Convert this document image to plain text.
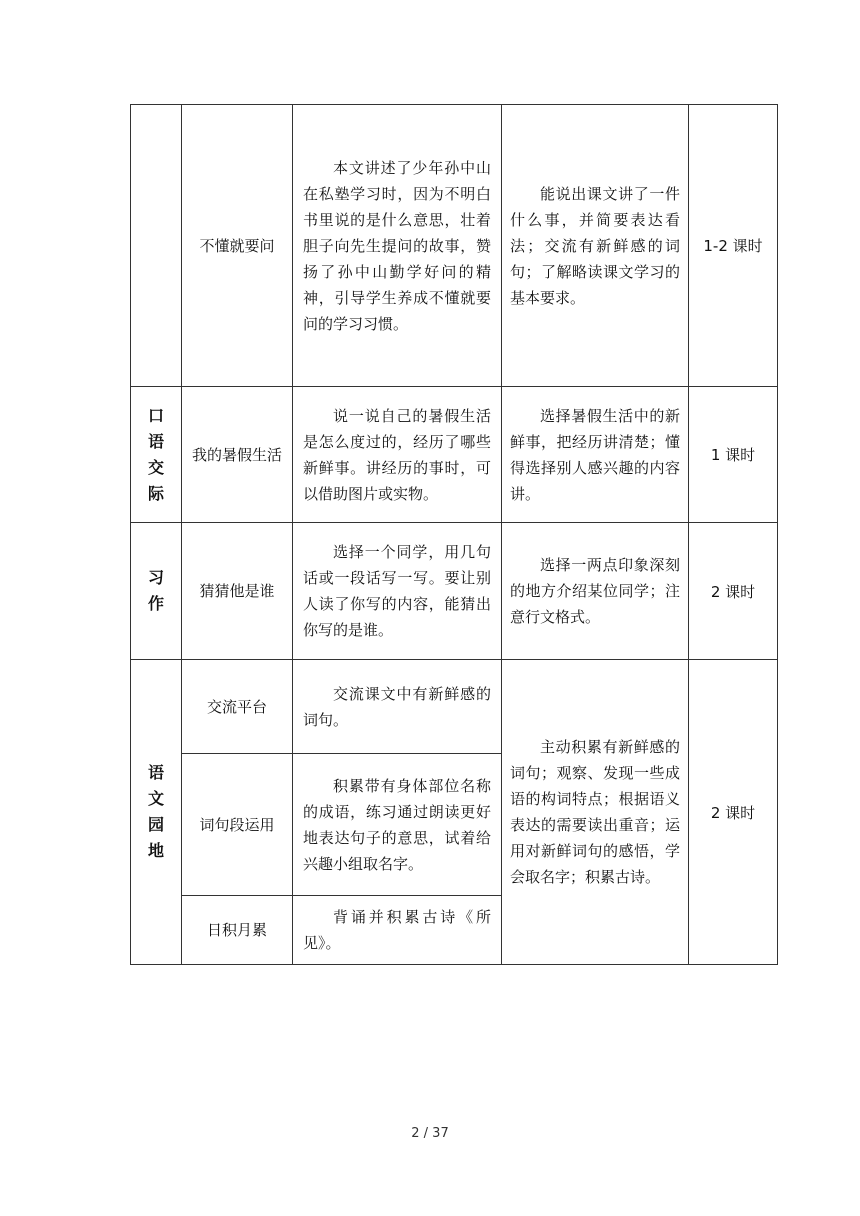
	不懂就要问	本文讲述了少年孙中山在私塾学习时，因为不明白书里说的是什么意思，壮着胆子向先生提问的故事，赞扬了孙中山勤学好问的精神，引导学生养成不懂就要问的学习习惯。	能说出课文讲了一件什么事，并简要表达看法；交流有新鲜感的词句；了解略读课文学习的基本要求。	1-2 课时

口语交际	我的暑假生活	说一说自己的暑假生活是怎么度过的，经历了哪些新鲜事。讲经历的事时，可以借助图片或实物。	选择暑假生活中的新鲜事，把经历讲清楚；懂得选择别人感兴趣的内容讲。	1 课时

习作	猜猜他是谁	选择一个同学，用几句话或一段话写一写。要让别人读了你写的内容，能猜出你写的是谁。	选择一两点印象深刻的地方介绍某位同学；注意行文格式。	2 课时

语文园地	交流平台	交流课文中有新鲜感的词句。	主动积累有新鲜感的词句；观察、发现一些成语的构词特点；根据语义表达的需要读出重音；运用对新鲜词句的感悟，学会取名字；积累古诗。	2 课时
	词句段运用	积累带有身体部位名称的成语，练习通过朗读更好地表达句子的意思，试着给兴趣小组取名字。		
	日积月累	背诵并积累古诗《所见》。		
2 / 37
